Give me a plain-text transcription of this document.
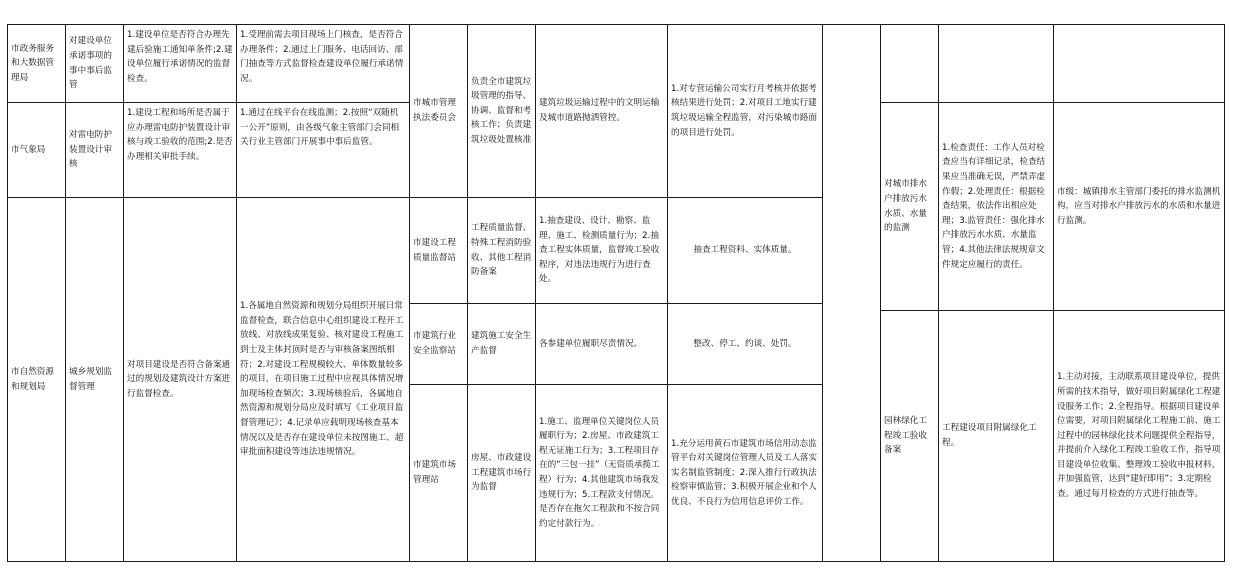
市政务服务和大数据管理局
对建设单位承诺事项的事中事后监管
1.建设单位是否符合办理先建后验施工通知单条件;2.建设单位履行承诺情况的监督检查。
1.受理前需去项目现场上门核查，是否符合办理条件；2.通过上门服务、电话回访、部门抽查等方式监督检查建设单位履行承诺情况。
市气象局
对雷电防护装置设计审核
1.建设工程和场所是否属于应办理雷电防护装置设计审核与竣工验收的范围;2.是否办理相关审批手续。
1.通过在线平台在线监测；2.按照“双随机一公开”原则，由各级气象主管部门会同相关行业主管部门开展事中事后监管。
市自然资源和规划局
城乡规划监督管理
对项目建设是否符合备案通过的规划及建筑设计方案进行监督检查。
1.各属地自然资源和规划分局组织开展日常监督检查，联合信息中心组织建设工程开工放线、对放线成果复验、核对建设工程施工到士及主体封顶时是否与审核备案图纸相符；2.对建设工程规模较大、单体数量较多的项目，在项目施工过程中应视具体情况增加现场检查频次；3.现场核验后，各属地自然资源和规划分局应及时填写《工业项目监督管理记》；4.记录单应载明现场核查基本情况以及是否存在建设单位未按图施工、超审批面积建设等违法违规情况。
市城市管理执法委员会
负责全市建筑垃圾管理的指导、协调、监督和考核工作；负责建筑垃圾处置核准
建筑垃圾运输过程中的文明运输及城市道路抛洒管控。
1.对专营运输公司实行月考核并依据考核结果进行处罚；2.对项目工地实行建筑垃圾运输全程监管，对污染城市路面的项目进行处罚。
市建设工程质量监督站
工程质量监督、特殊工程消防验收、其他工程消防备案
1.抽查建设、设计、勘察、监理、施工、检测质量行为；2.抽查工程实体质量，监督竣工验收程序，对违法违规行为进行查处。
抽查工程资料、实体质量。
市建筑行业安全监察站
建筑施工安全生产监督
各参建单位履职尽责情况。	整改、停工、约谈、处罚。
市建筑市场管理站
房屋、市政建设工程建筑市场行为监督
1.施工、监理单位关键岗位人员履职行为；2.房屋、市政建筑工程无证施工行为；3.工程项目存在的“三包一挂”（无资质承揽工程）行为；4.其他建筑市场我发违规行为；5.工程款支付情况。是否存在拖欠工程款和不按合同约定付款行为。
1.充分运用黄石市建筑市场信用动态监管平台对关键岗位管理人员及工人落实实名制监管制度；2.深入推行行政执法检察审慎监管；3.积极开展企业和个人优良、不良行为信用信息评价工作。
对城市排水户排放污水水质、水量的监测
1.检查责任：工作人员对检查应当有详细记录，检查结果应当准确无误，严禁弄虚作假；2.处理责任：根据检查结果，依法作出相应处理；3.监管责任：强化排水户排放污水水质、水量监管；4.其他法律法规规章文件规定应履行的责任。
市级：城镇排水主管部门委托的排水监测机构，应当对排水户排放污水的水质和水量进行监测。
园林绿化工程竣工验收备案
工程建设项目附属绿化工程。
1.主动对接，主动联系项目建设单位，提供所需的技术指导，做好项目附属绿化工程建设服务工作；2.全程指导。根据项目建设单位需要，对项目附属绿化工程施工前、施工过程中的园林绿化技术问题提供全程指导，并提前介入绿化工程竣工验收工作，指导项目建设单位收集、整理竣工验收申报材料，并加强监管，达到“建好即用”；3.定期检查。通过每月检查的方式进行抽查等。
